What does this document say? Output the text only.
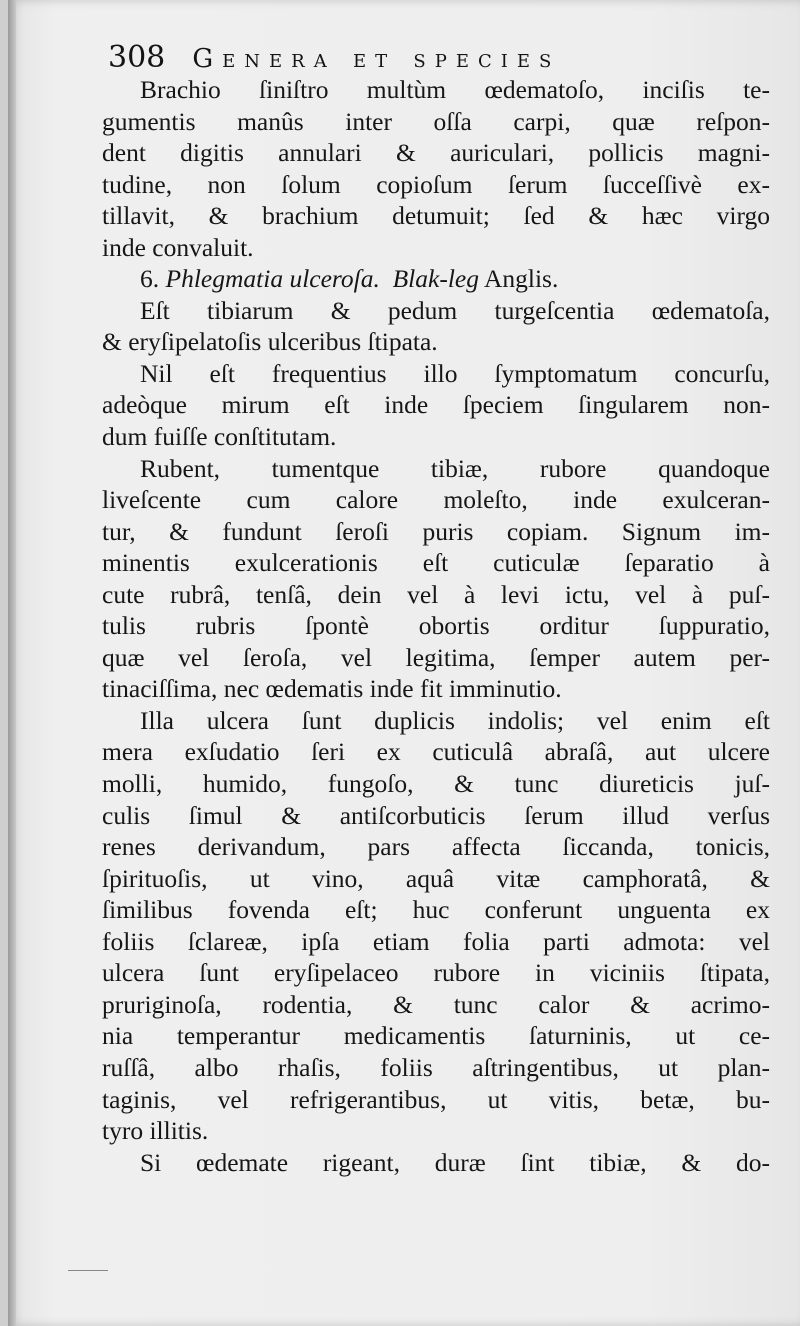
308 Genera et species
Brachio ſiniſtro multùm œdematoſo, inciſis te-
gumentis manûs inter oſſa carpi, quæ reſpon-
dent digitis annulari & auriculari, pollicis magni-
tudine, non ſolum copioſum ſerum ſucceſſivè ex-
tillavit, & brachium detumuit; ſed & hæc virgo
inde convaluit.
6. Phlegmatia ulceroſa. Blak-leg Anglis.
Eſt tibiarum & pedum turgeſcentia œdematoſa,
& eryſipelatoſis ulceribus ſtipata.
Nil eſt frequentius illo ſymptomatum concurſu,
adeòque mirum eſt inde ſpeciem ſingularem non-
dum fuiſſe conſtitutam.
Rubent, tumentque tibiæ, rubore quandoque
liveſcente cum calore moleſto, inde exulceran-
tur, & fundunt ſeroſi puris copiam. Signum im-
minentis exulcerationis eſt cuticulæ ſeparatio à
cute rubrâ, tenſâ, dein vel à levi ictu, vel à puſ-
tulis rubris ſpontè obortis orditur ſuppuratio,
quæ vel ſeroſa, vel legitima, ſemper autem per-
tinaciſſima, nec œdematis inde fit imminutio.
Illa ulcera ſunt duplicis indolis; vel enim eſt
mera exſudatio ſeri ex cuticulâ abraſâ, aut ulcere
molli, humido, fungoſo, & tunc diureticis juſ-
culis ſimul & antiſcorbuticis ſerum illud verſus
renes derivandum, pars affecta ſiccanda, tonicis,
ſpirituoſis, ut vino, aquâ vitæ camphoratâ, &
ſimilibus fovenda eſt; huc conferunt unguenta ex
foliis ſclareæ, ipſa etiam folia parti admota: vel
ulcera ſunt eryſipelaceo rubore in viciniis ſtipata,
pruriginoſa, rodentia, & tunc calor & acrimo-
nia temperantur medicamentis ſaturninis, ut ce-
ruſſâ, albo rhaſis, foliis aſtringentibus, ut plan-
taginis, vel refrigerantibus, ut vitis, betæ, bu-
tyro illitis.
Si œdemate rigeant, duræ ſint tibiæ, & do-
